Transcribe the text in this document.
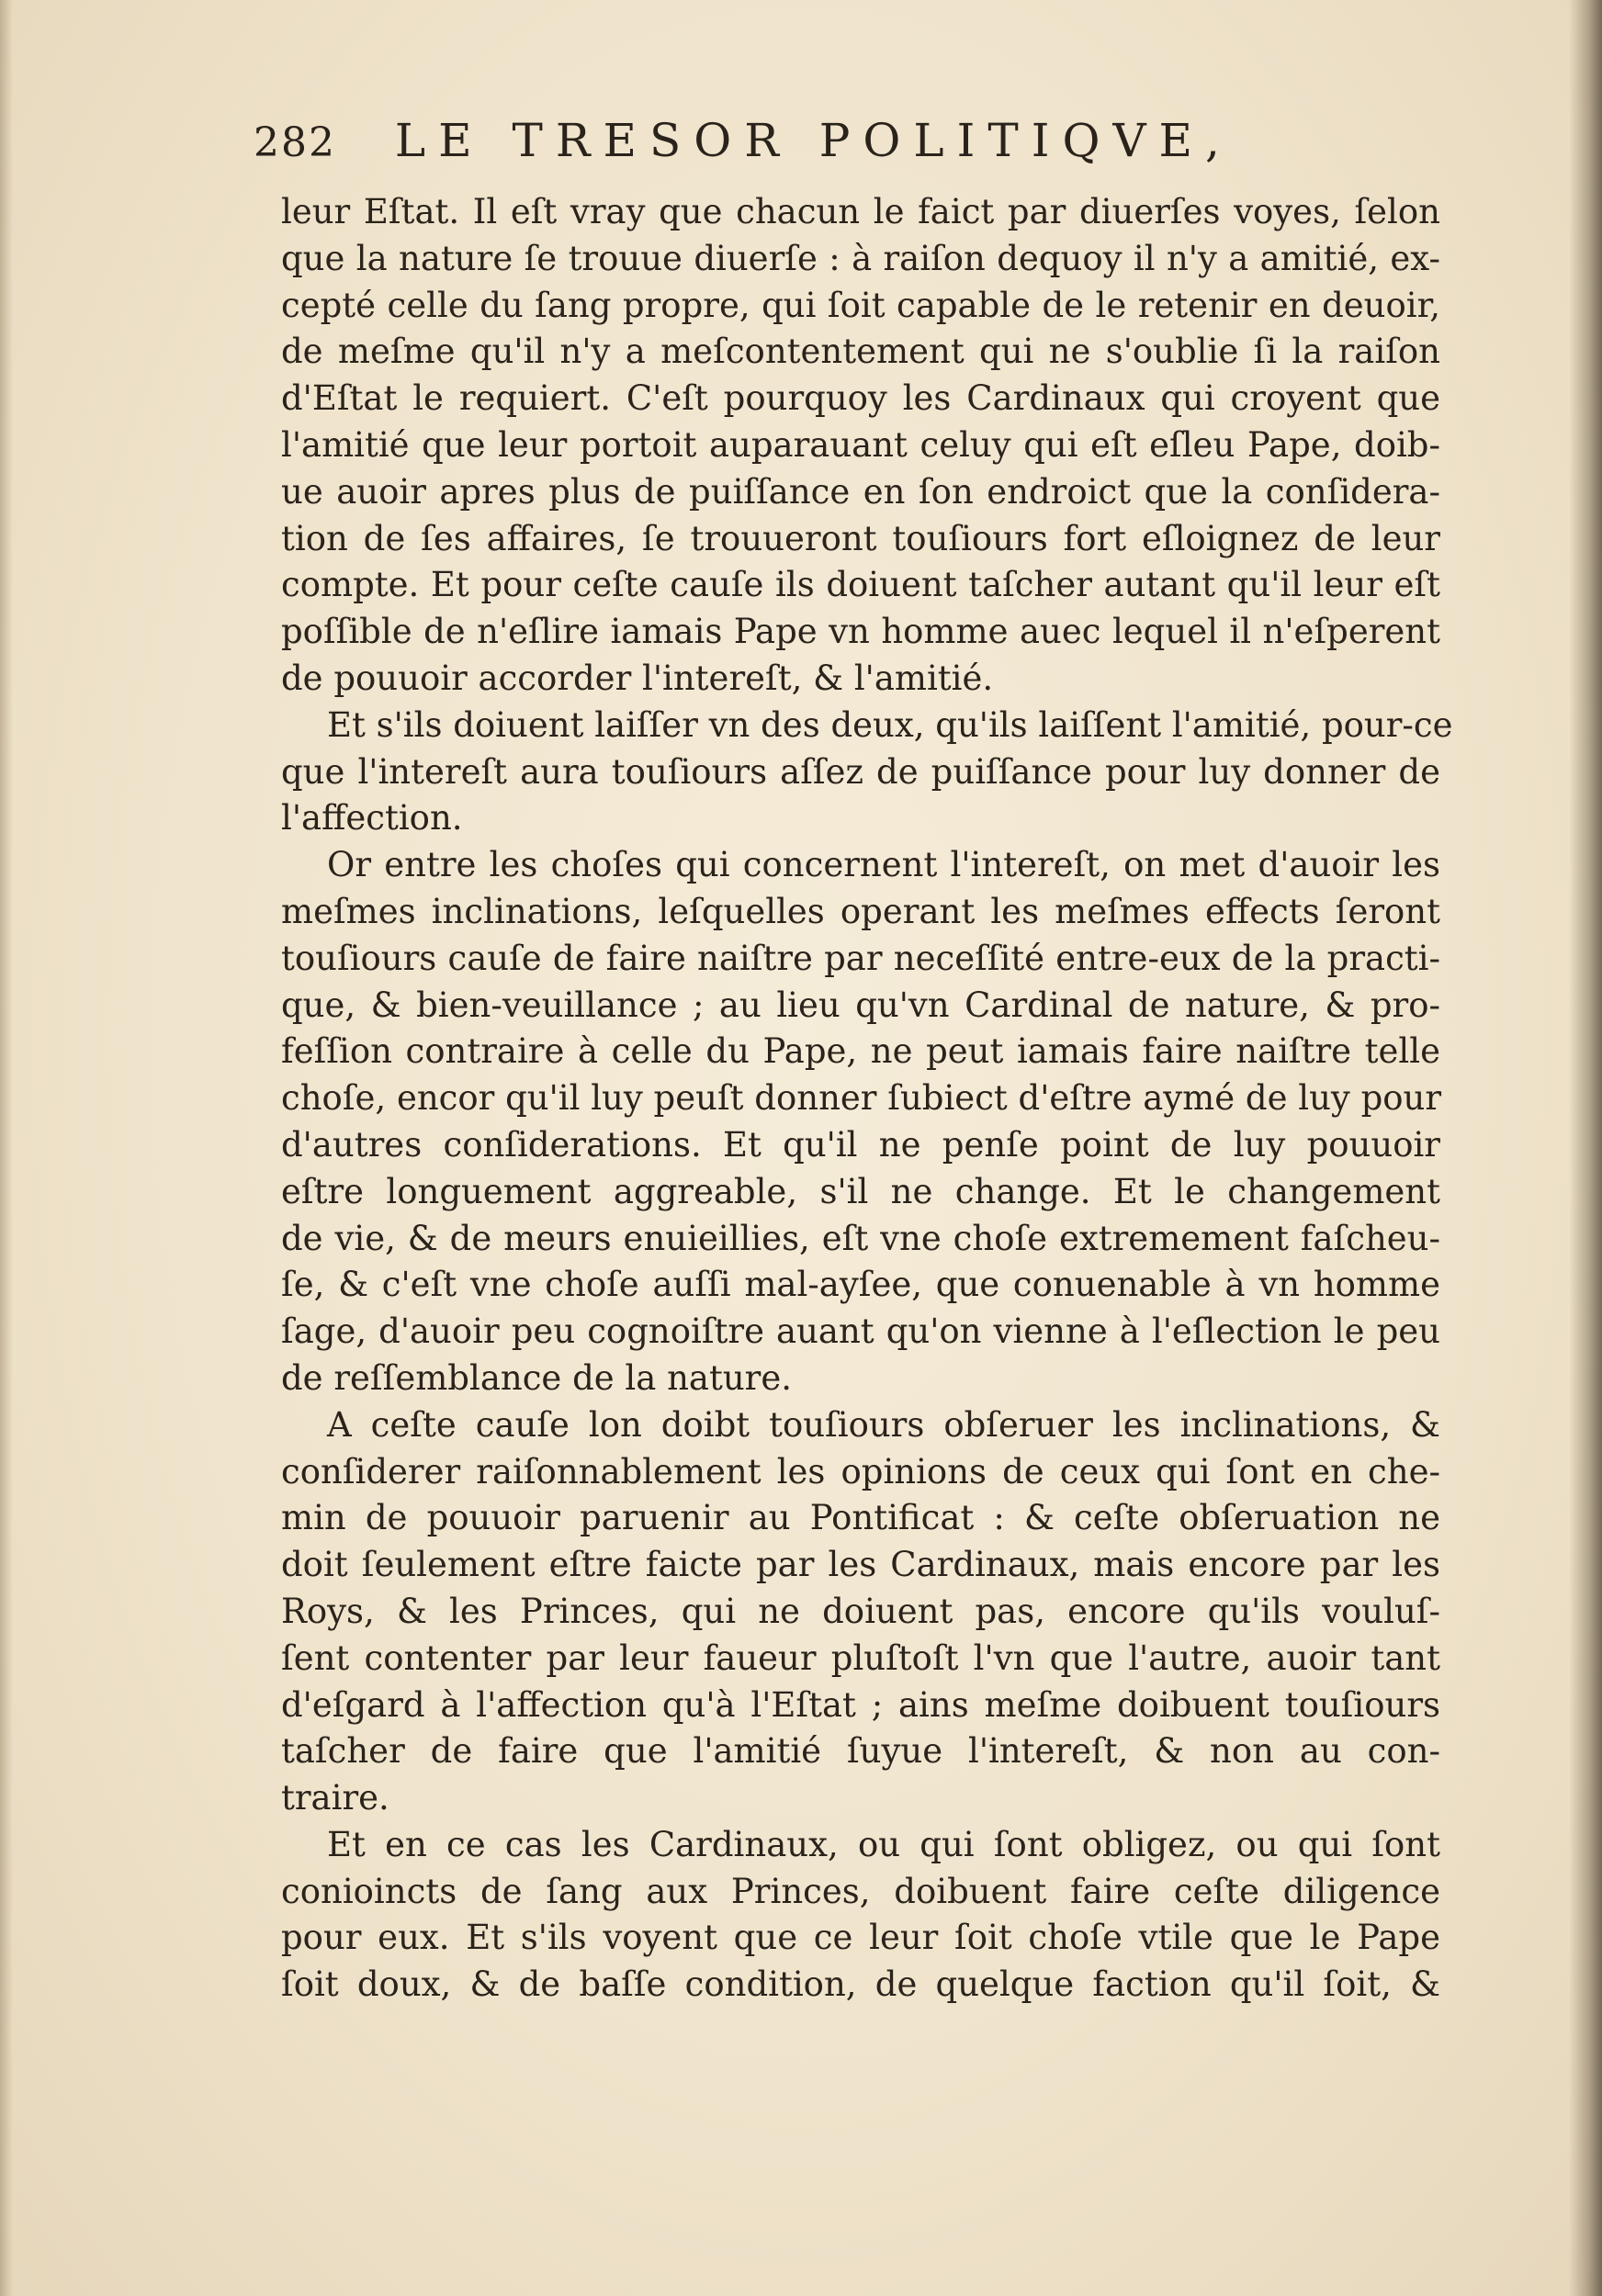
282 LE TRESOR POLITIQVE,
leur Eſtat. Il eſt vray que chacun le faict par diuerſes voyes, ſelon
que la nature ſe trouue diuerſe : à raiſon dequoy il n'y a amitié, ex-
cepté celle du ſang propre, qui ſoit capable de le retenir en deuoir,
de meſme qu'il n'y a meſcontentement qui ne s'oublie ſi la raiſon
d'Eſtat le requiert. C'eſt pourquoy les Cardinaux qui croyent que
l'amitié que leur portoit auparauant celuy qui eſt eſleu Pape, doib-
ue auoir apres plus de puiſſance en ſon endroict que la conſidera-
tion de ſes affaires, ſe trouueront touſiours fort eſloignez de leur
compte. Et pour ceſte cauſe ils doiuent taſcher autant qu'il leur eſt
poſſible de n'eſlire iamais Pape vn homme auec lequel il n'eſperent
de pouuoir accorder l'intereſt, & l'amitié.
Et s'ils doiuent laiſſer vn des deux, qu'ils laiſſent l'amitié, pour-ce
que l'intereſt aura touſiours aſſez de puiſſance pour luy donner de
l'affection.
Or entre les choſes qui concernent l'intereſt, on met d'auoir les
meſmes inclinations, leſquelles operant les meſmes effects ſeront
touſiours cauſe de faire naiſtre par neceſſité entre-eux de la practi-
que, & bien-veuillance ; au lieu qu'vn Cardinal de nature, & pro-
feſſion contraire à celle du Pape, ne peut iamais faire naiſtre telle
choſe, encor qu'il luy peuſt donner ſubiect d'eſtre aymé de luy pour
d'autres conſiderations. Et qu'il ne penſe point de luy pouuoir
eſtre longuement aggreable, s'il ne change. Et le changement
de vie, & de meurs enuieillies, eſt vne choſe extremement faſcheu-
ſe, & c'eſt vne choſe auſſi mal-ayſee, que conuenable à vn homme
ſage, d'auoir peu cognoiſtre auant qu'on vienne à l'eſlection le peu
de reſſemblance de la nature.
A ceſte cauſe lon doibt touſiours obſeruer les inclinations, &
conſiderer raiſonnablement les opinions de ceux qui ſont en che-
min de pouuoir paruenir au Pontificat : & ceſte obſeruation ne
doit ſeulement eſtre faicte par les Cardinaux, mais encore par les
Roys, & les Princes, qui ne doiuent pas, encore qu'ils vouluſ-
ſent contenter par leur faueur pluſtoſt l'vn que l'autre, auoir tant
d'eſgard à l'affection qu'à l'Eſtat ; ains meſme doibuent touſiours
taſcher de faire que l'amitié ſuyue l'intereſt, & non au con-
traire.
Et en ce cas les Cardinaux, ou qui ſont obligez, ou qui ſont
conioincts de ſang aux Princes, doibuent faire ceſte diligence
pour eux. Et s'ils voyent que ce leur ſoit choſe vtile que le Pape
ſoit doux, & de baſſe condition, de quelque faction qu'il ſoit, &
